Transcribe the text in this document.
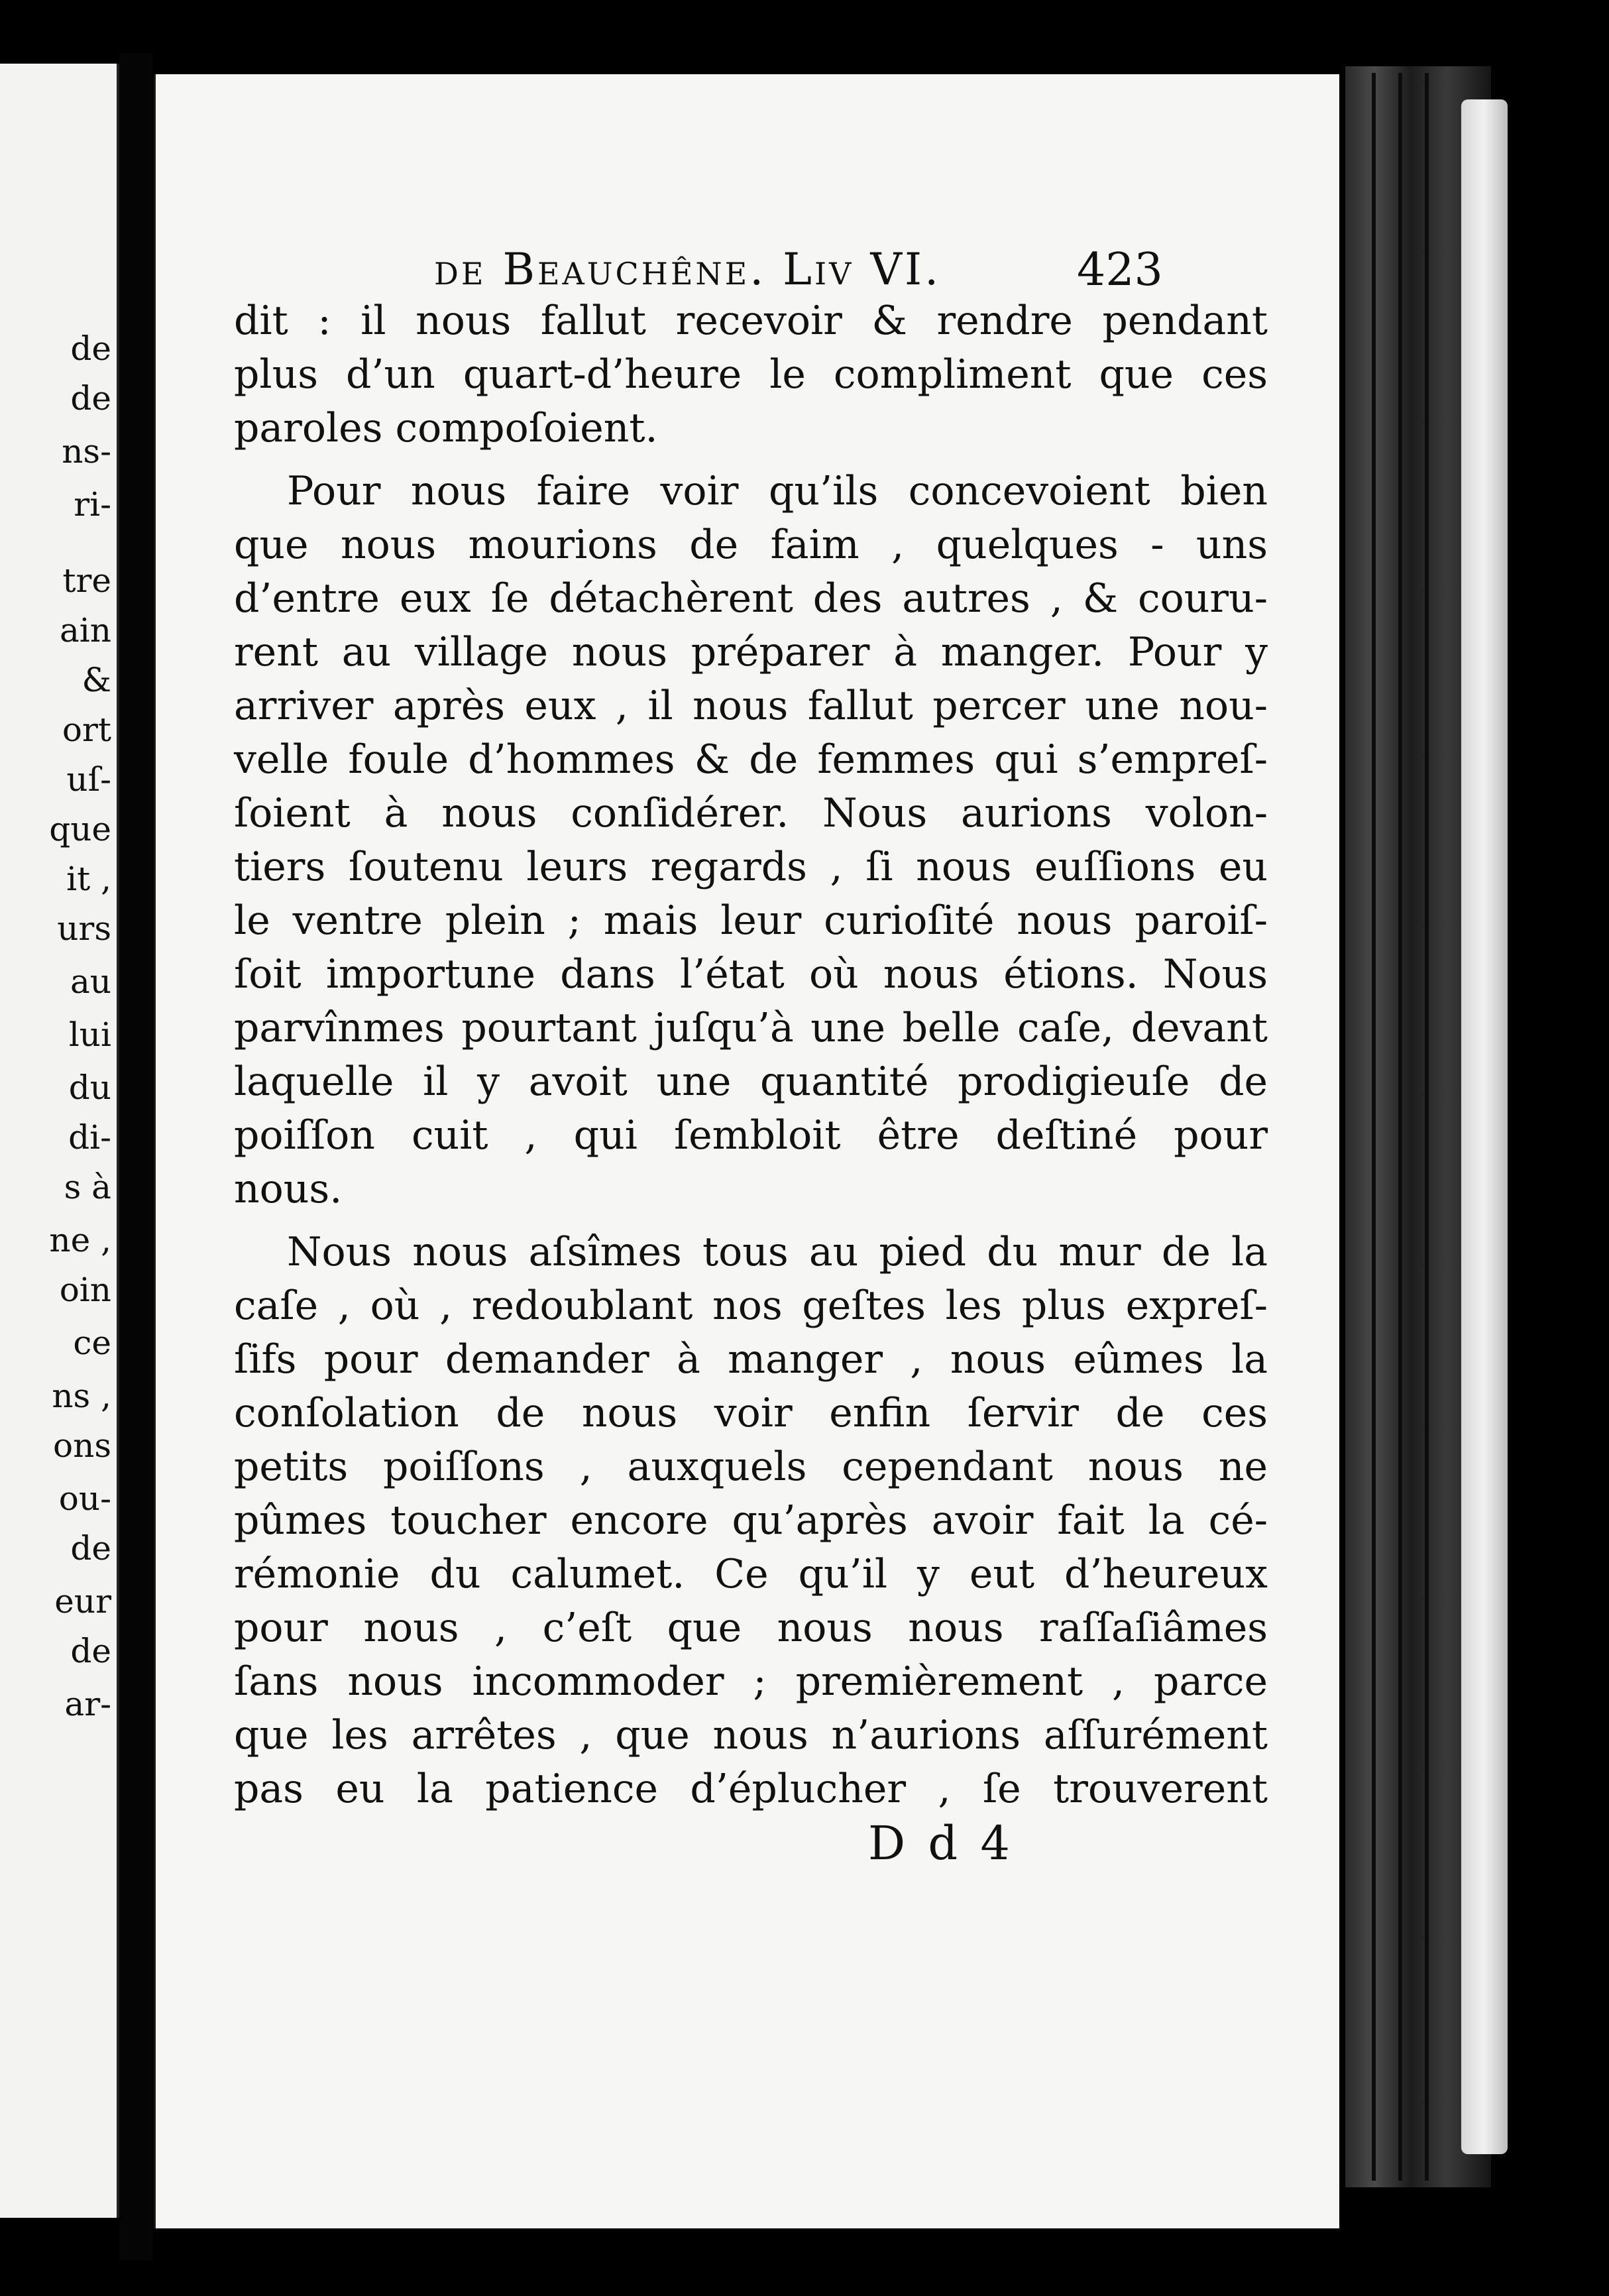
de
de
ns-
ri-
tre
ain
&
ort
uſ-
que
it ,
urs
au
lui
du
di-
s à
ne ,
oin
ce
ns ,
ons
ou-
de
eur
de
ar-
de Beauchêne. Liv VI.	423
dit : il nous fallut recevoir & rendre pendant
plus d’un quart-d’heure le compliment que ces
paroles compoſoient.
Pour nous faire voir qu’ils concevoient bien
que nous mourions de faim , quelques - uns
d’entre eux ſe détachèrent des autres , & couru-
rent au village nous préparer à manger. Pour y
arriver après eux , il nous fallut percer une nou-
velle foule d’hommes & de femmes qui s’empreſ-
ſoient à nous conſidérer. Nous aurions volon-
tiers ſoutenu leurs regards , ſi nous euſſions eu
le ventre plein ; mais leur curioſité nous paroiſ-
ſoit importune dans l’état où nous étions. Nous
parvînmes pourtant juſqu’à une belle caſe, devant
laquelle il y avoit une quantité prodigieuſe de
poiſſon cuit , qui ſembloit être deſtiné pour
nous.
Nous nous aſsîmes tous au pied du mur de la
caſe , où , redoublant nos geſtes les plus expreſ-
ſifs pour demander à manger , nous eûmes la
conſolation de nous voir enfin ſervir de ces
petits poiſſons , auxquels cependant nous ne
pûmes toucher encore qu’après avoir fait la cé-
rémonie du calumet. Ce qu’il y eut d’heureux
pour nous , c’eſt que nous nous raſſaſiâmes
ſans nous incommoder ; premièrement , parce
que les arrêtes , que nous n’aurions aſſurément
pas eu la patience d’éplucher , ſe trouverent
D d 4
